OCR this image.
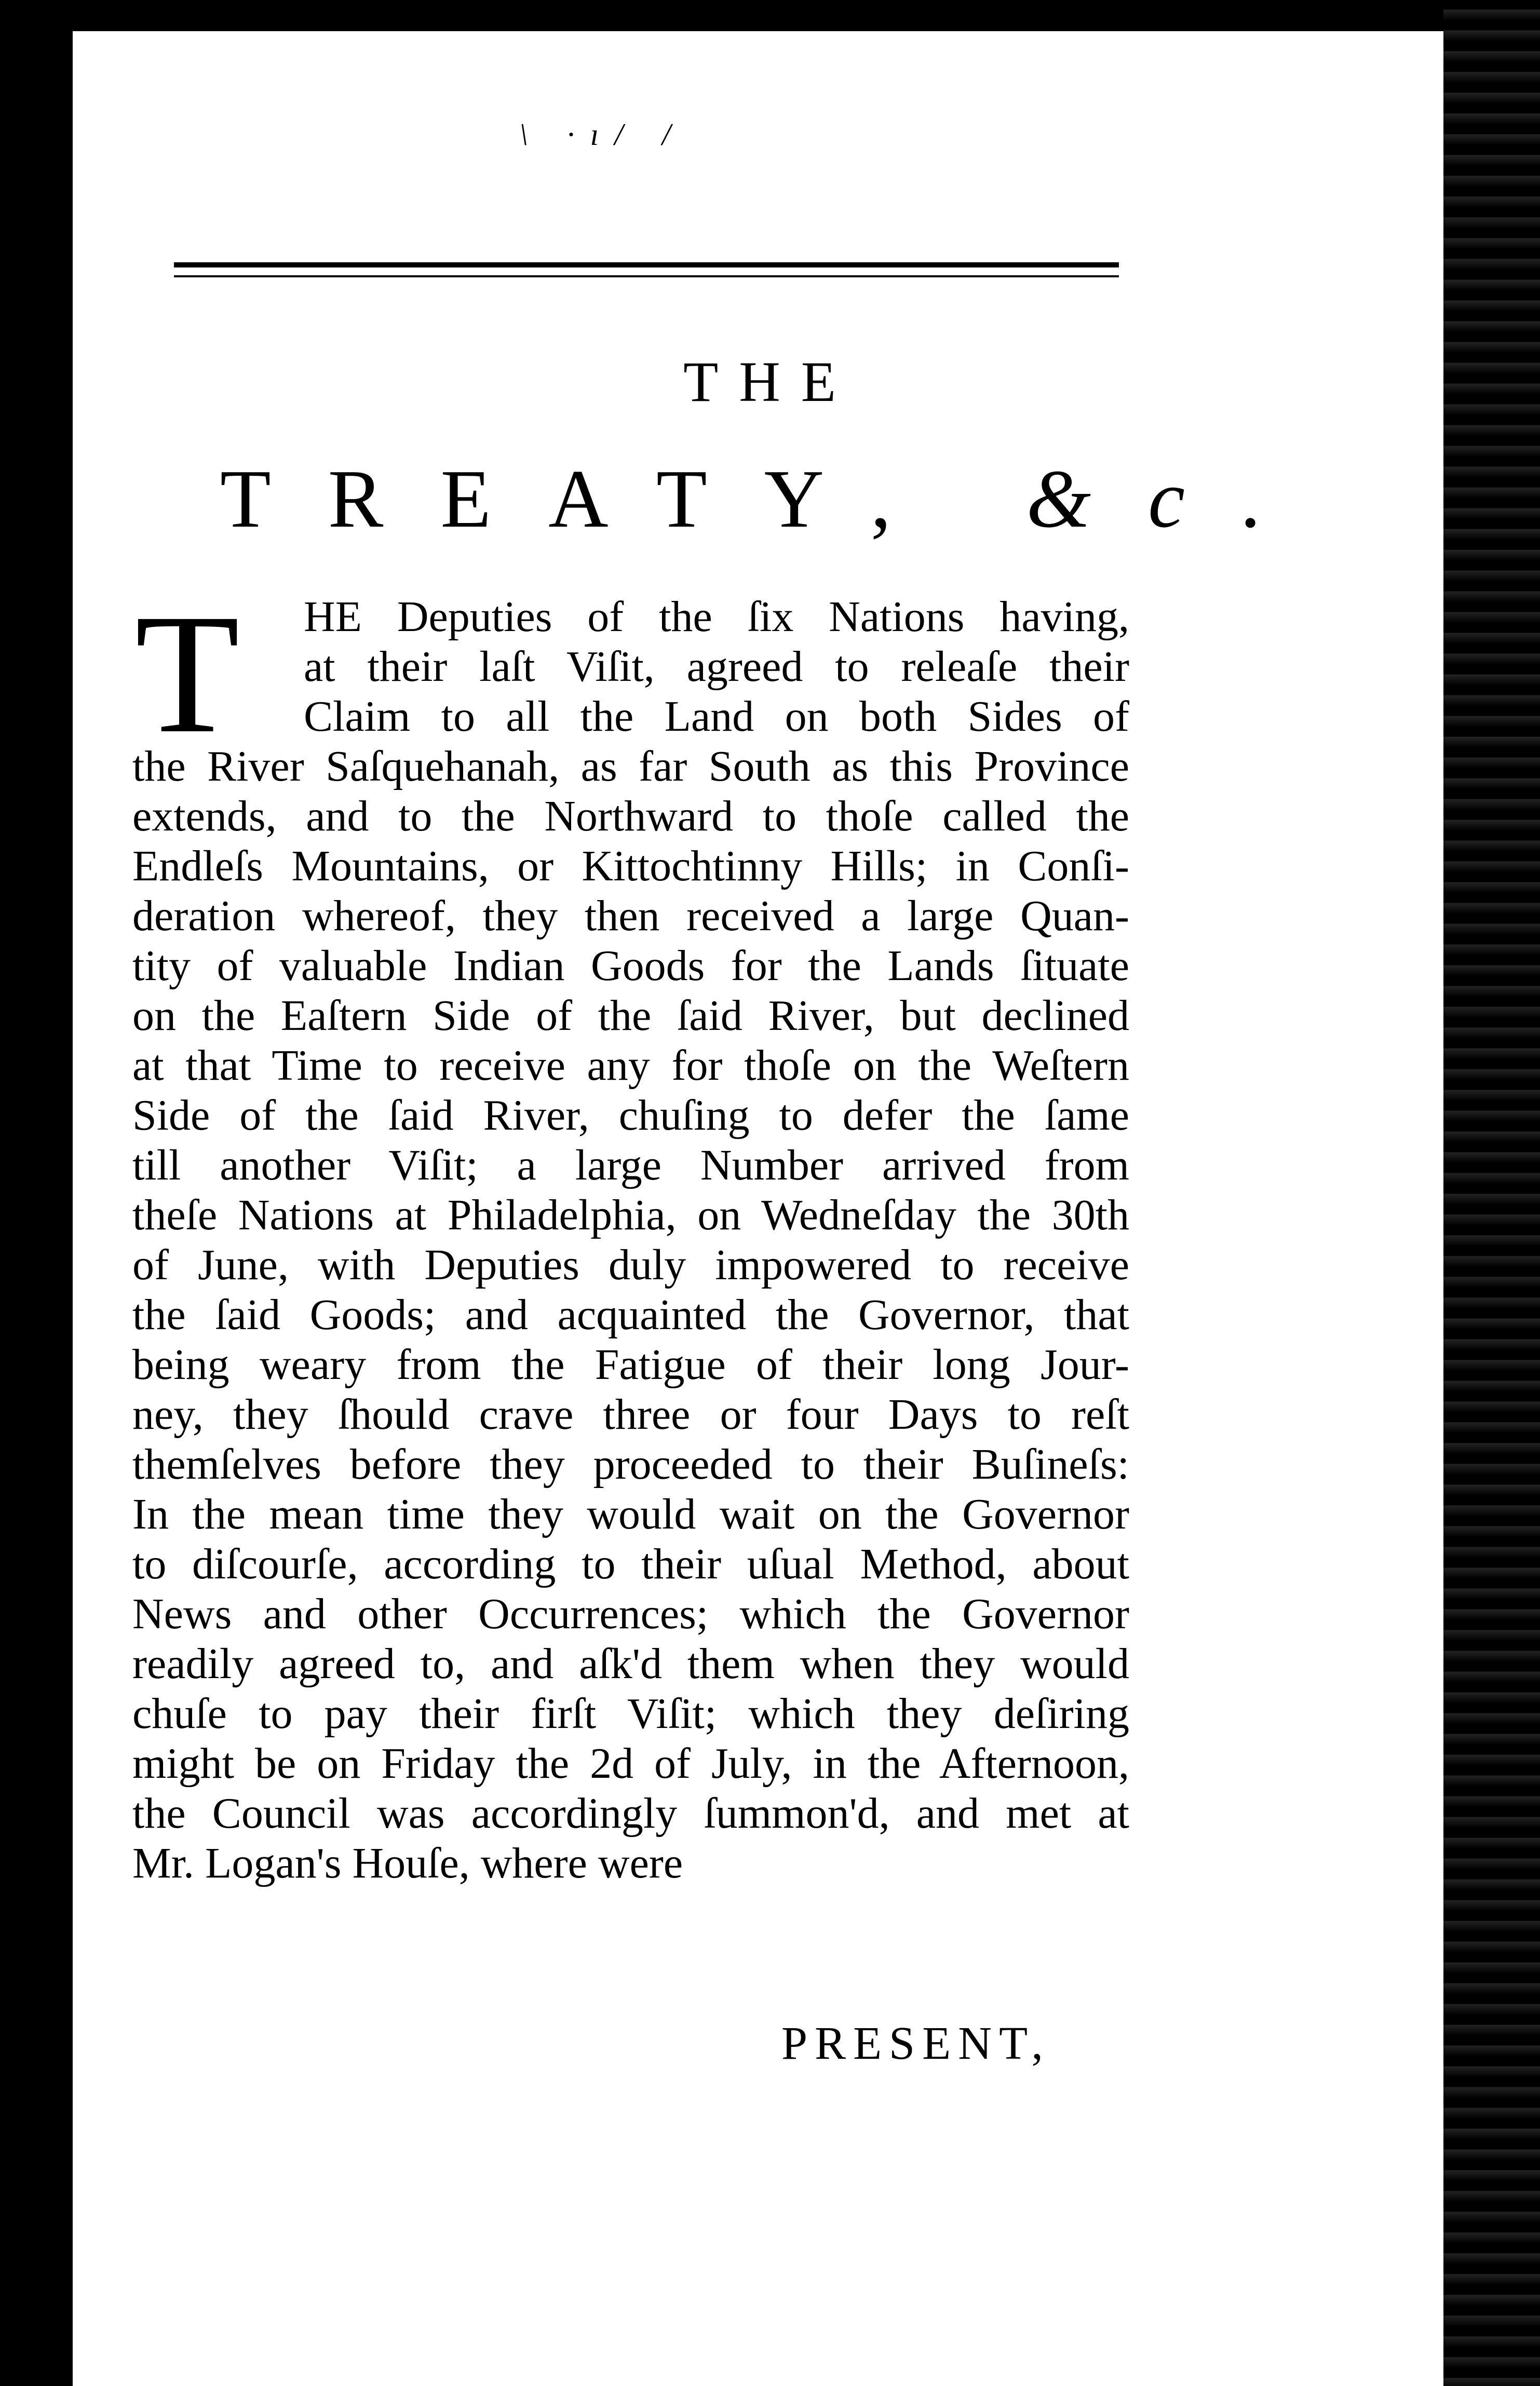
\ ·ı/ /
THE
TREATY, &c.
T	HE Deputies of the ſix Nations having,
at their laſt Viſit, agreed to releaſe their
Claim to all the Land on both Sides of
the River Saſquehanah, as far South as this Province
extends, and to the Northward to thoſe called the
Endleſs Mountains, or Kittochtinny Hills; in Conſi-
deration whereof, they then received a large Quan-
tity of valuable Indian Goods for the Lands ſituate
on the Eaſtern Side of the ſaid River, but declined
at that Time to receive any for thoſe on the Weſtern
Side of the ſaid River, chuſing to defer the ſame
till another Viſit; a large Number arrived from
theſe Nations at Philadelphia, on Wedneſday the 30th
of June, with Deputies duly impowered to receive
the ſaid Goods; and acquainted the Governor, that
being weary from the Fatigue of their long Jour-
ney, they ſhould crave three or four Days to reſt
themſelves before they proceeded to their Buſineſs:
In the mean time they would wait on the Governor
to diſcourſe, according to their uſual Method, about
News and other Occurrences; which the Governor
readily agreed to, and aſk'd them when they would
chuſe to pay their firſt Viſit; which they deſiring
might be on Friday the 2d of July, in the Afternoon,
the Council was accordingly ſummon'd, and met at
Mr. Logan's Houſe, where were
PRESENT,
